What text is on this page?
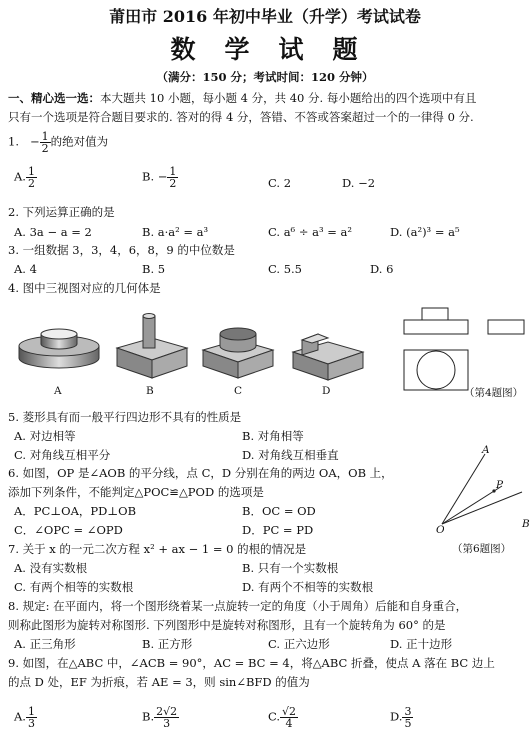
莆田市 2016 年初中毕业（升学）考试试卷
数　学　试　题
（满分：150 分；考试时间：120 分钟）
一、精心选一选：本大题共 10 小题，每小题 4 分，共 40 分. 每小题给出的四个选项中有且
只有一个选项是符合题目要求的. 答对的得 4 分，答错、不答或答案超过一个的一律得 0 分.
1. − $\frac{1}{2}$ 的绝对值为
A. $\frac{1}{2}$	B. − $\frac{1}{2}$	C. 2	D. −2
2. 下列运算正确的是
A. 3a − a = 2	B. a·a² = a³	C. a⁶ ÷ a³ = a²	D. (a²)³ = a⁵
3. 一组数据 3，3，4，6，8，9 的中位数是
A. 4	B. 5	C. 5.5	D. 6
4. 图中三视图对应的几何体是
A	B	C	D	（第4题图）
5. 菱形具有而一般平行四边形不具有的性质是
A. 对边相等	B. 对角相等
C. 对角线互相平分	D. 对角线互相垂直
6. 如图，OP 是∠AOB 的平分线，点 C，D 分别在角的两边 OA，OB 上，
添加下列条件，不能判定△POC≌△POD 的选项是
A．PC⊥OA，PD⊥OB	B．OC = OD
C．∠OPC = ∠OPD	D．PC = PD
A
P
O	B
（第6题图）
7. 关于 x 的一元二次方程 x² + ax − 1 = 0 的根的情况是
A. 没有实数根	B. 只有一个实数根
C. 有两个相等的实数根	D. 有两个不相等的实数根
8. 规定: 在平面内，将一个图形绕着某一点旋转一定的角度（小于周角）后能和自身重合，
则称此图形为旋转对称图形. 下列图形中是旋转对称图形，且有一个旋转角为 60° 的是
A. 正三角形	B. 正方形	C. 正六边形	D. 正十边形
9. 如图，在△ABC 中，∠ACB = 90°，AC = BC = 4，将△ABC 折叠，使点 A 落在 BC 边上
的点 D 处，EF 为折痕，若 AE = 3，则 sin∠BFD 的值为
A. $\frac{1}{3}$	B. $\frac{2√2}{3}$	C. $\frac{√2}{4}$	D. $\frac{3}{5}$
